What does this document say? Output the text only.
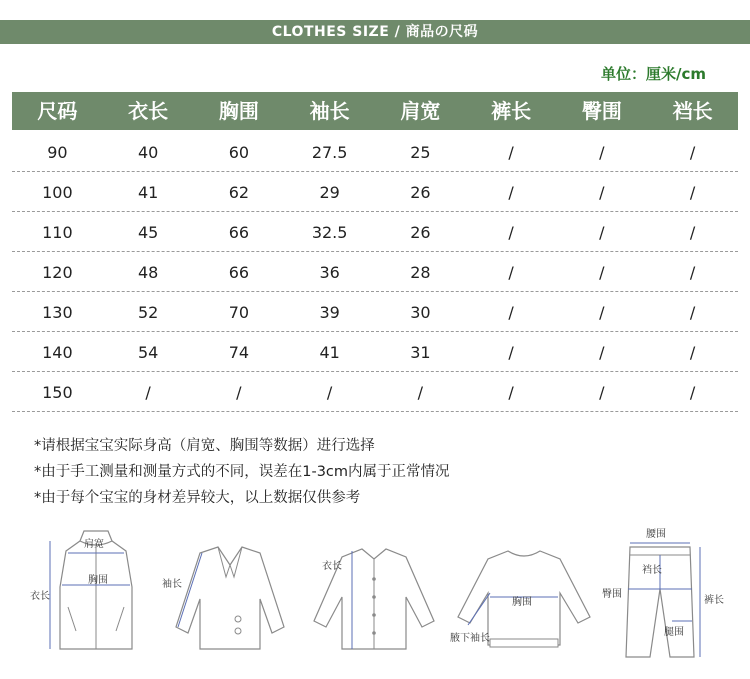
CLOTHES SIZE / 商品の尺码
单位：厘米/cm
尺码	衣长	胸围	袖长	肩宽	裤长	臀围	裆长
90	40	60	27.5	25	/	/	/
100	41	62	29	26	/	/	/
110	45	66	32.5	26	/	/	/
120	48	66	36	28	/	/	/
130	52	70	39	30	/	/	/
140	54	74	41	31	/	/	/
150	/	/	/	/	/	/	/
*请根据宝宝实际身高（肩宽、胸围等数据）进行选择
*由于手工测量和测量方式的不同，误差在1-3cm内属于正常情况
*由于每个宝宝的身材差异较大，以上数据仅供参考
肩宽
胸围
衣长
袖长
衣长
胸围
腋下袖长
腰围
裆长
臀围
裤长
腿围
